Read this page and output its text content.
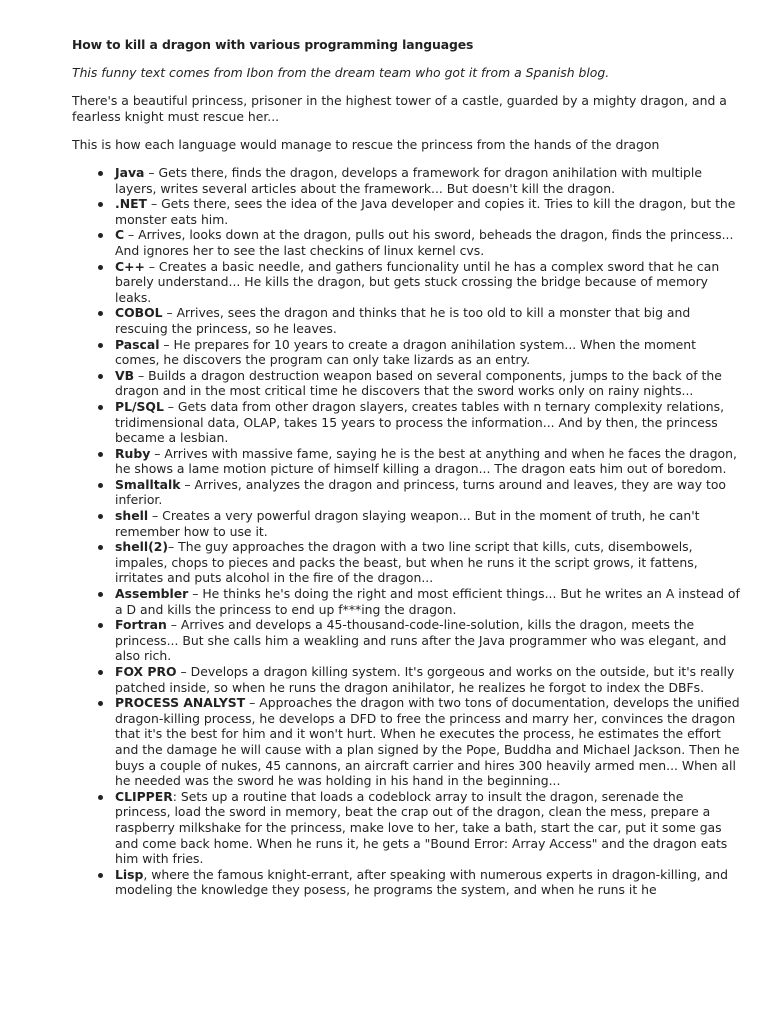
How to kill a dragon with various programming languages
This funny text comes from Ibon from the dream team who got it from a Spanish blog.
There's a beautiful princess, prisoner in the highest tower of a castle, guarded by a mighty dragon, and a fearless knight must rescue her...
This is how each language would manage to rescue the princess from the hands of the dragon
Java – Gets there, finds the dragon, develops a framework for dragon anihilation with multiple layers, writes several articles about the framework... But doesn't kill the dragon.
.NET – Gets there, sees the idea of the Java developer and copies it. Tries to kill the dragon, but the monster eats him.
C – Arrives, looks down at the dragon, pulls out his sword, beheads the dragon, finds the princess... And ignores her to see the last checkins of linux kernel cvs.
C++ – Creates a basic needle, and gathers funcionality until he has a complex sword that he can barely understand... He kills the dragon, but gets stuck crossing the bridge because of memory leaks.
COBOL – Arrives, sees the dragon and thinks that he is too old to kill a monster that big and rescuing the princess, so he leaves.
Pascal – He prepares for 10 years to create a dragon anihilation system... When the moment comes, he discovers the program can only take lizards as an entry.
VB – Builds a dragon destruction weapon based on several components, jumps to the back of the dragon and in the most critical time he discovers that the sword works only on rainy nights...
PL/SQL – Gets data from other dragon slayers, creates tables with n ternary complexity relations, tridimensional data, OLAP, takes 15 years to process the information... And by then, the princess became a lesbian.
Ruby – Arrives with massive fame, saying he is the best at anything and when he faces the dragon, he shows a lame motion picture of himself killing a dragon... The dragon eats him out of boredom.
Smalltalk – Arrives, analyzes the dragon and princess, turns around and leaves, they are way too inferior.
shell – Creates a very powerful dragon slaying weapon... But in the moment of truth, he can't remember how to use it.
shell(2)– The guy approaches the dragon with a two line script that kills, cuts, disembowels, impales, chops to pieces and packs the beast, but when he runs it the script grows, it fattens, irritates and puts alcohol in the fire of the dragon...
Assembler – He thinks he's doing the right and most efficient things... But he writes an A instead of a D and kills the princess to end up f***ing the dragon.
Fortran – Arrives and develops a 45-thousand-code-line-solution, kills the dragon, meets the princess... But she calls him a weakling and runs after the Java programmer who was elegant, and also rich.
FOX PRO – Develops a dragon killing system. It's gorgeous and works on the outside, but it's really patched inside, so when he runs the dragon anihilator, he realizes he forgot to index the DBFs.
PROCESS ANALYST – Approaches the dragon with two tons of documentation, develops the unified dragon-killing process, he develops a DFD to free the princess and marry her, convinces the dragon that it's the best for him and it won't hurt. When he executes the process, he estimates the effort and the damage he will cause with a plan signed by the Pope, Buddha and Michael Jackson. Then he buys a couple of nukes, 45 cannons, an aircraft carrier and hires 300 heavily armed men... When all he needed was the sword he was holding in his hand in the beginning...
CLIPPER: Sets up a routine that loads a codeblock array to insult the dragon, serenade the princess, load the sword in memory, beat the crap out of the dragon, clean the mess, prepare a raspberry milkshake for the princess, make love to her, take a bath, start the car, put it some gas and come back home. When he runs it, he gets a "Bound Error: Array Access" and the dragon eats him with fries.
Lisp, where the famous knight-errant, after speaking with numerous experts in dragon-killing, and modeling the knowledge they posess, he programs the system, and when he runs it he
